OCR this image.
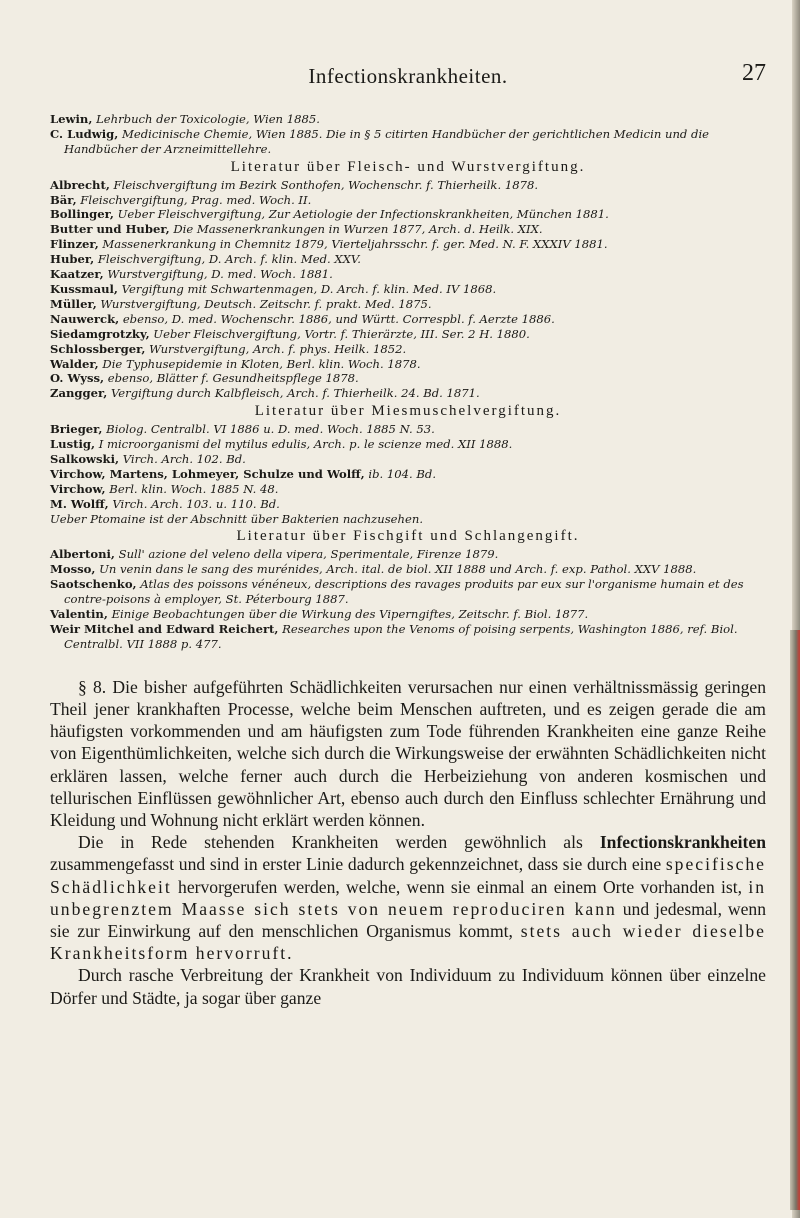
Infectionskrankheiten.	27

Lewin, Lehrbuch der Toxicologie, Wien 1885.

C. Ludwig, Medicinische Chemie, Wien 1885. Die in § 5 citirten Handbücher der gerichtlichen Medicin und die Handbücher der Arzneimittellehre.

Literatur über Fleisch- und Wurstvergiftung.

Albrecht, Fleischvergiftung im Bezirk Sonthofen, Wochenschr. f. Thierheilk. 1878.

Bär, Fleischvergiftung, Prag. med. Woch. II.

Bollinger, Ueber Fleischvergiftung, Zur Aetiologie der Infectionskrankheiten, München 1881.

Butter und Huber, Die Massenerkrankungen in Wurzen 1877, Arch. d. Heilk. XIX.

Flinzer, Massenerkrankung in Chemnitz 1879, Vierteljahrsschr. f. ger. Med. N. F. XXXIV 1881.

Huber, Fleischvergiftung, D. Arch. f. klin. Med. XXV.

Kaatzer, Wurstvergiftung, D. med. Woch. 1881.

Kussmaul, Vergiftung mit Schwartenmagen, D. Arch. f. klin. Med. IV 1868.

Müller, Wurstvergiftung, Deutsch. Zeitschr. f. prakt. Med. 1875.

Nauwerck, ebenso, D. med. Wochenschr. 1886, und Württ. Correspbl. f. Aerzte 1886.

Siedamgrotzky, Ueber Fleischvergiftung, Vortr. f. Thierärzte, III. Ser. 2 H. 1880.

Schlossberger, Wurstvergiftung, Arch. f. phys. Heilk. 1852.

Walder, Die Typhusepidemie in Kloten, Berl. klin. Woch. 1878.

O. Wyss, ebenso, Blätter f. Gesundheitspflege 1878.

Zangger, Vergiftung durch Kalbfleisch, Arch. f. Thierheilk. 24. Bd. 1871.

Literatur über Miesmuschelvergiftung.

Brieger, Biolog. Centralbl. VI 1886 u. D. med. Woch. 1885 N. 53.

Lustig, I microorganismi del mytilus edulis, Arch. p. le scienze med. XII 1888.

Salkowski, Virch. Arch. 102. Bd.

Virchow, Martens, Lohmeyer, Schulze und Wolff, ib. 104. Bd.

Virchow, Berl. klin. Woch. 1885 N. 48.

M. Wolff, Virch. Arch. 103. u. 110. Bd.

Ueber Ptomaine ist der Abschnitt über Bakterien nachzusehen.

Literatur über Fischgift und Schlangengift.

Albertoni, Sull' azione del veleno della vipera, Sperimentale, Firenze 1879.

Mosso, Un venin dans le sang des murénides, Arch. ital. de biol. XII 1888 und Arch. f. exp. Pathol. XXV 1888.

Saotschenko, Atlas des poissons vénéneux, descriptions des ravages produits par eux sur l'organisme humain et des contre-poisons à employer, St. Péterbourg 1887.

Valentin, Einige Beobachtungen über die Wirkung des Viperngiftes, Zeitschr. f. Biol. 1877.

Weir Mitchel and Edward Reichert, Researches upon the Venoms of poising serpents, Washington 1886, ref. Biol. Centralbl. VII 1888 p. 477.

§ 8. Die bisher aufgeführten Schädlichkeiten verursachen nur einen verhältnissmässig geringen Theil jener krankhaften Processe, welche beim Menschen auftreten, und es zeigen gerade die am häufigsten vorkommenden und am häufigsten zum Tode führenden Krankheiten eine ganze Reihe von Eigenthümlichkeiten, welche sich durch die Wirkungsweise der erwähnten Schädlichkeiten nicht erklären lassen, welche ferner auch durch die Herbeiziehung von anderen kosmischen und tellurischen Einflüssen gewöhnlicher Art, ebenso auch durch den Einfluss schlechter Ernährung und Kleidung und Wohnung nicht erklärt werden können.

Die in Rede stehenden Krankheiten werden gewöhnlich als Infectionskrankheiten zusammengefasst und sind in erster Linie dadurch gekennzeichnet, dass sie durch eine specifische Schädlichkeit hervorgerufen werden, welche, wenn sie einmal an einem Orte vorhanden ist, in unbegrenztem Maasse sich stets von neuem reproduciren kann und jedesmal, wenn sie zur Einwirkung auf den menschlichen Organismus kommt, stets auch wieder dieselbe Krankheitsform hervorruft.

Durch rasche Verbreitung der Krankheit von Individuum zu Individuum können über einzelne Dörfer und Städte, ja sogar über ganze
